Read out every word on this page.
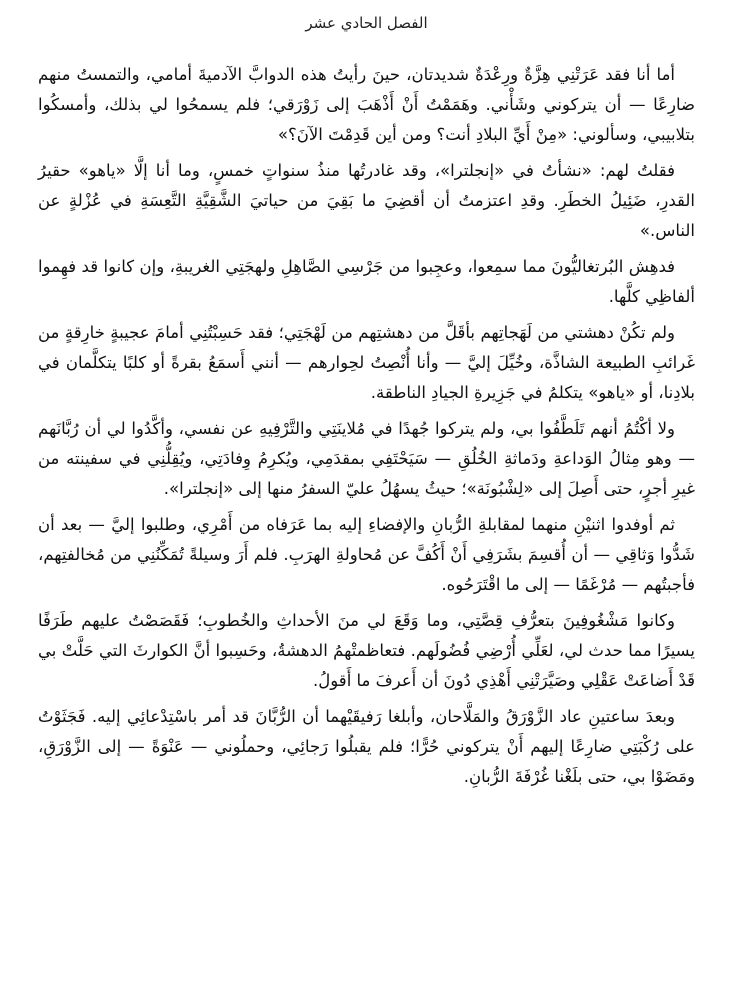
الفصل الحادي عشر

أما أنا فقد عَرَتْنِي هِزَّةٌ ورِعْدَةٌ شديدتان، حينَ رأيتُ هذه الدوابَّ الآدميةَ أمامي، والتمستُ منهم ضارِعًا — أن يتركوني وشَأْني. وهَمَمْتُ أَنْ أَذْهَبَ إلى زَوْرَقي؛ فلم يسمحُوا لي بذلك، وأمسكُوا بتلابيبي، وسألوني: «مِنْ أَيِّ البلادِ أنت؟ ومن أين قَدِمْتَ الآنَ؟»

فقلتُ لهم: «نشأتُ في «إنجلترا»، وقد غادرتُها منذُ سنواتٍ خمسٍ، وما أنا إلَّا «ياهو» حقيرُ القدرِ، ضَئِيلُ الخطَرِ. وقدِ اعتزمتُ أن أقضِيَ ما بَقِيَ من حياتيَ الشَّقِيَّةِ التَّعِسَةِ في عُزْلةٍ عن الناس.»

فدهِش البُرتغاليُّونَ مما سمِعوا، وعجِبوا من جَرْسِي الصَّاهِلِ ولهجَتِي الغريبةِ، وإن كانوا قد فهِموا ألفاظِي كلَّها.

ولم تكُنْ دهشتي من لَهَجاتِهم بأقَلَّ من دهشتِهم من لَهْجَتِي؛ فقد حَسِبْتُنِي أمامَ عجيبةٍ خارِقةٍ من غَرائبِ الطبيعة الشاذَّة، وخُيِّلَ إليَّ — وأنا أُنْصِتُ لحِوارهم — أنني أَسمَعُ بقرةً أو كلبًا يتكلَّمان في بلادِنا، أو «ياهو» يتكلمُ في جَزِيرةِ الجيادِ الناطقة.

ولا أكْتُمُ أنهم تَلَطَّفُوا بي، ولم يتركوا جُهدًا في مُلاينَتِي والتَّرْفِيهِ عن نفسي، وأكَّدُوا لي أن رُبَّانَهم — وهو مِثالُ الوَداعةِ ودَماثةِ الخُلُقِ — سَيَحْتَفِي بمقدَمِي، ويُكرِمُ وِفادَتِي، ويُقِلُّنِي في سفينته من غيرِ أجرٍ، حتى أَصِلَ إلى «لِشْبُونَة»؛ حيثُ يسهُلُ عليّ السفرُ منها إلى «إنجلترا».

ثم أوفدوا اثنيْنِ منهما لمقابلةِ الرُّبانِ والإفضاءِ إليه بما عَرَفاه من أَمْرِي، وطلبوا إليَّ — بعد أن شَدُّوا وَثاقِي — أن أُقسِمَ بشَرَفِي أَنْ أَكُفَّ عن مُحاولةِ الهرَبِ. فلم أَرَ وسيلةً تُمَكِّنُنِي من مُخالفتِهم، فأجبتُهم — مُرْغَمًا — إلى ما اقْتَرَحُوه.

وكانوا مَشْغُوفِينَ بتعرُّفِ قِصَّتِي، وما وَقَعَ لي منَ الأحداثِ والخُطوبِ؛ فَقَصَصْتُ عليهم طَرَفًا يسيرًا مما حدث لي، لعَلِّي أُرْضِي فُضُولَهم. فتعاظمتْهمُ الدهشةُ، وحَسِبوا أنَّ الكوارثَ التي حَلَّتْ بي قَدْ أَضاعَتْ عَقْلِي وصَيَّرَتْنِي أَهْذِي دُونَ أن أَعرفَ ما أَقولُ.

وبعدَ ساعتينِ عاد الزَّوْرَقُ والمَلَّاحان، وأبلغا رَفيقَيْهما أن الرُّبَّانَ قد أمر باسْتِدْعائِي إليه. فَجَثَوْتُ على رُكْبَتِي ضارِعًا إليهم أَنْ يتركوني حُرًّا؛ فلم يقبلُوا رَجائِي، وحملُوني — عَنْوَةً — إلى الزَّوْرَقِ، ومَضَوْا بي، حتى بلَغْنا غُرْفَةَ الرُّبانِ.
